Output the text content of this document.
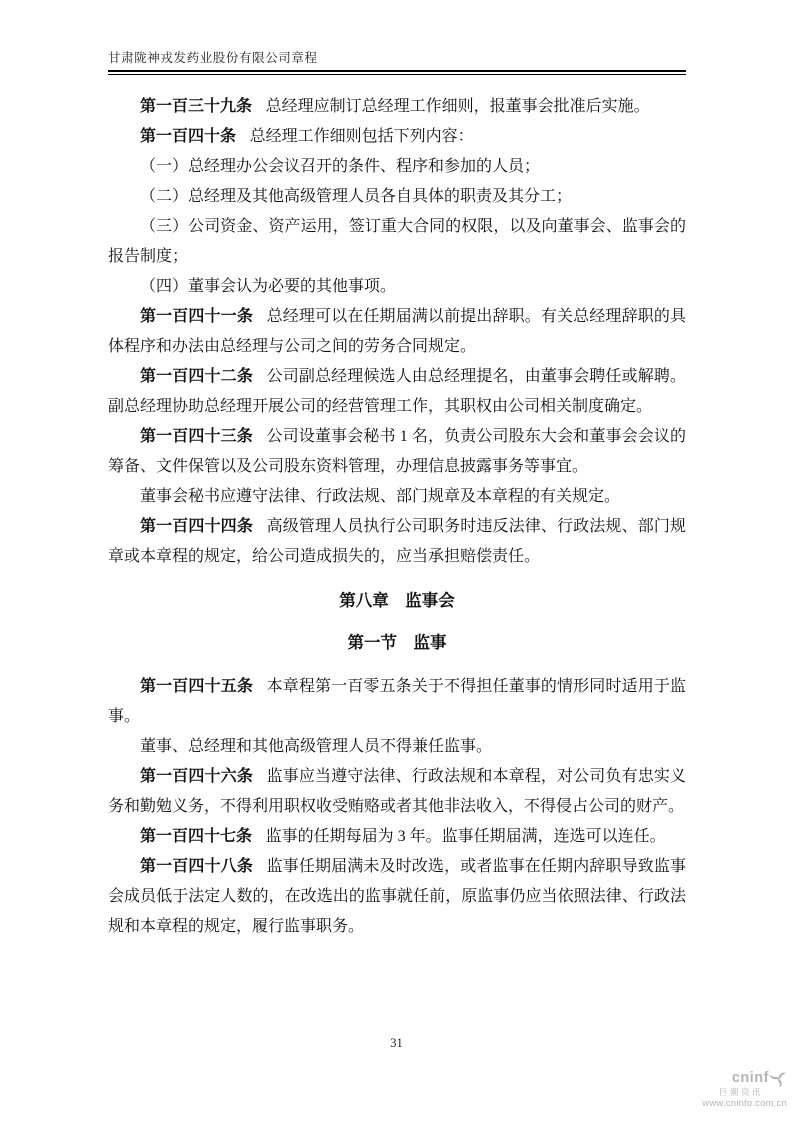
甘肃陇神戎发药业股份有限公司章程

第一百三十九条 总经理应制订总经理工作细则，报董事会批准后实施。

第一百四十条 总经理工作细则包括下列内容：

（一）总经理办公会议召开的条件、程序和参加的人员；

（二）总经理及其他高级管理人员各自具体的职责及其分工；

（三）公司资金、资产运用，签订重大合同的权限，以及向董事会、监事会的报告制度；

（四）董事会认为必要的其他事项。

第一百四十一条 总经理可以在任期届满以前提出辞职。有关总经理辞职的具体程序和办法由总经理与公司之间的劳务合同规定。

第一百四十二条 公司副总经理候选人由总经理提名，由董事会聘任或解聘。副总经理协助总经理开展公司的经营管理工作，其职权由公司相关制度确定。

第一百四十三条 公司设董事会秘书 1 名，负责公司股东大会和董事会会议的筹备、文件保管以及公司股东资料管理，办理信息披露事务等事宜。

董事会秘书应遵守法律、行政法规、部门规章及本章程的有关规定。

第一百四十四条 高级管理人员执行公司职务时违反法律、行政法规、部门规章或本章程的规定，给公司造成损失的，应当承担赔偿责任。

第八章　监事会

第一节　监事

第一百四十五条 本章程第一百零五条关于不得担任董事的情形同时适用于监事。

董事、总经理和其他高级管理人员不得兼任监事。

第一百四十六条 监事应当遵守法律、行政法规和本章程，对公司负有忠实义务和勤勉义务，不得利用职权收受贿赂或者其他非法收入，不得侵占公司的财产。

第一百四十七条 监事的任期每届为 3 年。监事任期届满，连选可以连任。

第一百四十八条 监事任期届满未及时改选，或者监事在任期内辞职导致监事会成员低于法定人数的，在改选出的监事就任前，原监事仍应当依照法律、行政法规和本章程的规定，履行监事职务。

31
cninf
巨潮资讯
www.cninfo.com.cn
